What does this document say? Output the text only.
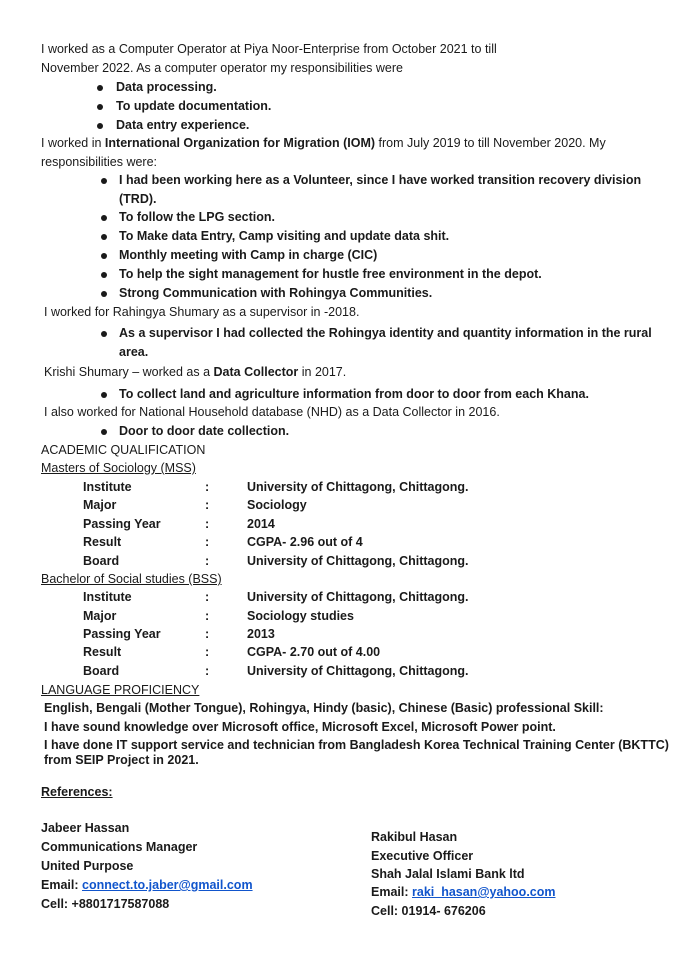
I worked as a Computer Operator at Piya Noor-Enterprise from October 2021 to till
November 2022. As a computer operator my responsibilities were
Data processing.
To update documentation.
Data entry experience.
I worked in International Organization for Migration (IOM) from July 2019 to till November 2020. My
responsibilities were:
I had been working here as a Volunteer, since I have worked transition recovery division
(TRD).
To follow the LPG section.
To Make data Entry, Camp visiting and update data shit.
Monthly meeting with Camp in charge (CIC)
To help the sight management for hustle free environment in the depot.
Strong Communication with Rohingya Communities.
I worked for Rahingya Shumary as a supervisor in -2018.
As a supervisor I had collected the Rohingya identity and quantity information in the rural
area.
Krishi Shumary – worked as a Data Collector in 2017.
To collect land and agriculture information from door to door from each Khana.
I also worked for National Household database (NHD) as a Data Collector in 2016.
Door to door date collection.
ACADEMIC QUALIFICATION
Masters of Sociology (MSS)
Institute	:	University of Chittagong, Chittagong.
Major	:	Sociology
Passing Year	:	2014
Result	:	CGPA- 2.96 out of 4
Board	:	University of Chittagong, Chittagong.
Bachelor of Social studies (BSS)
Institute	:	University of Chittagong, Chittagong.
Major	:	Sociology studies
Passing Year	:	2013
Result	:	CGPA- 2.70 out of 4.00
Board	:	University of Chittagong, Chittagong.
LANGUAGE PROFICIENCY
English, Bengali (Mother Tongue), Rohingya, Hindy (basic), Chinese (Basic) professional Skill:
I have sound knowledge over Microsoft office, Microsoft Excel, Microsoft Power point.
I have done IT support service and technician from Bangladesh Korea Technical Training Center (BKTTC)
from SEIP Project in 2021.
References:
Jabeer Hassan
Communications Manager
United Purpose
Email: connect.to.jaber@gmail.com
Cell: +8801717587088
Rakibul Hasan
Executive Officer
Shah Jalal Islami Bank ltd
Email: raki_hasan@yahoo.com
Cell: 01914- 676206
